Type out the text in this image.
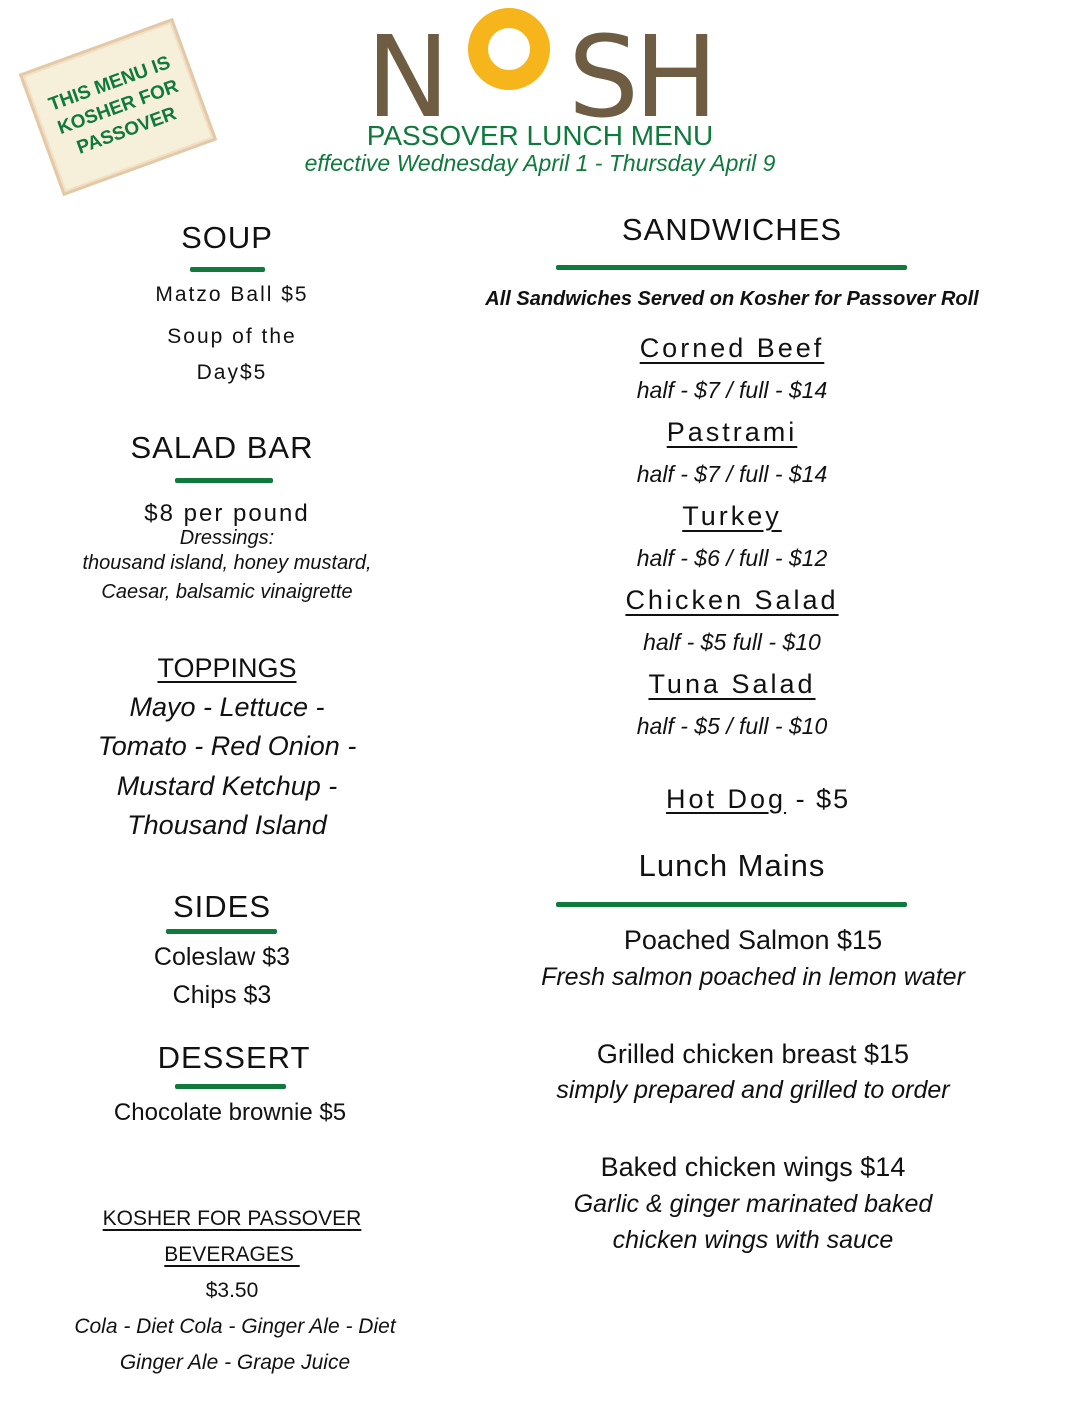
THIS MENU IS KOSHER FOR PASSOVER N S
H
PASSOVER LUNCH MENU
effective Wednesday April 1 - Thursday April 9
SOUP
Matzo Ball $5
Soup of the
Day$5
SALAD BAR
$8 per pound
Dressings:
thousand island, honey mustard,
Caesar, balsamic vinaigrette
TOPPINGS
Mayo - Lettuce -
Tomato - Red Onion -
Mustard Ketchup -
Thousand Island
SIDES
Coleslaw $3
Chips $3
DESSERT
Chocolate brownie $5
KOSHER FOR PASSOVER
BEVERAGES
$3.50
Cola - Diet Cola - Ginger Ale - Diet
Ginger Ale - Grape Juice
SANDWICHES
All Sandwiches Served on Kosher for Passover Roll
Corned Beef
half - $7 / full - $14
Pastrami
half - $7 / full - $14
Turkey
half - $6 / full - $12
Chicken Salad
half - $5 full - $10
Tuna Salad
half - $5 / full - $10

Hot Dog - $5

Lunch Mains
Poached Salmon $15
Fresh salmon poached in lemon water
Grilled chicken breast $15
simply prepared and grilled to order
Baked chicken wings $14
Garlic & ginger marinated baked
chicken wings with sauce
